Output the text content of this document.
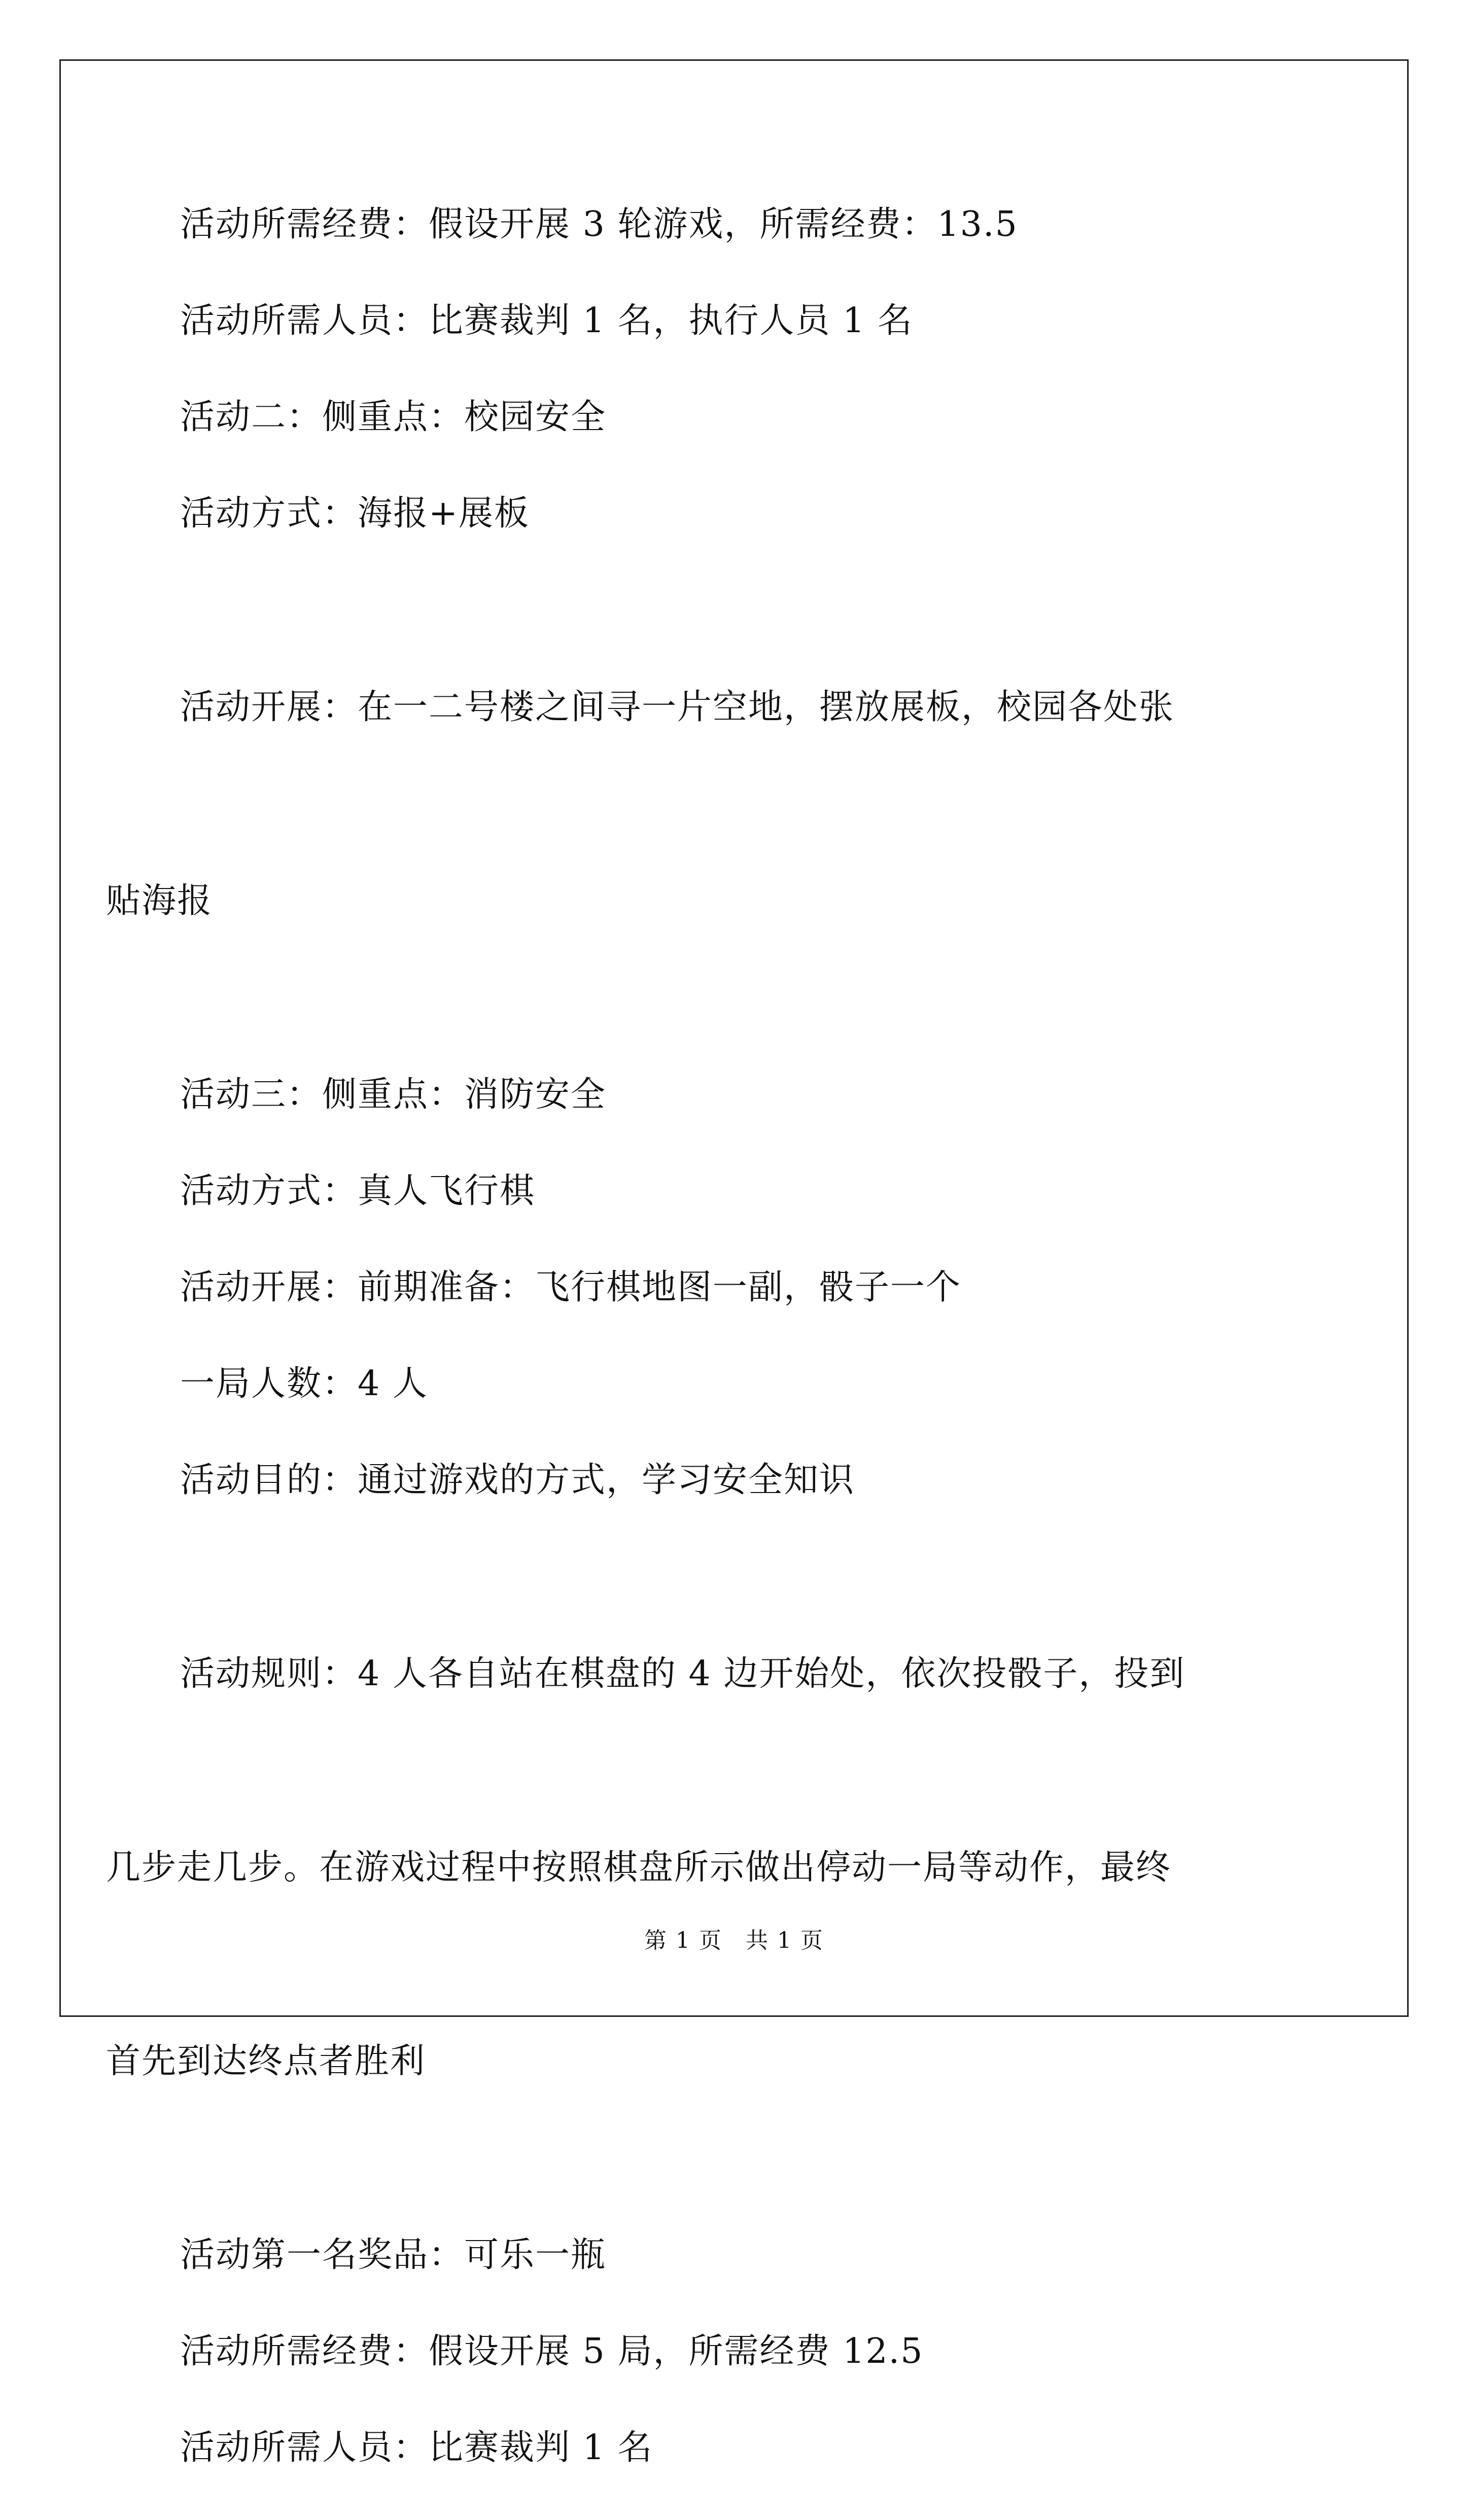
活动所需经费：假设开展 3 轮游戏，所需经费：13.5

活动所需人员：比赛裁判 1 名，执行人员 1 名

活动二：侧重点：校园安全

活动方式：海报+展板

活动开展：在一二号楼之间寻一片空地，摆放展板，校园各处张

贴海报

活动三：侧重点：消防安全

活动方式：真人飞行棋

活动开展：前期准备：飞行棋地图一副，骰子一个

一局人数：4 人

活动目的：通过游戏的方式，学习安全知识

活动规则：4 人各自站在棋盘的 4 边开始处，依次投骰子，投到

几步走几步。在游戏过程中按照棋盘所示做出停动一局等动作，最终

首先到达终点者胜利

活动第一名奖品：可乐一瓶

活动所需经费：假设开展 5 局，所需经费 12.5

活动所需人员：比赛裁判 1 名

第 1 页　共 1 页
